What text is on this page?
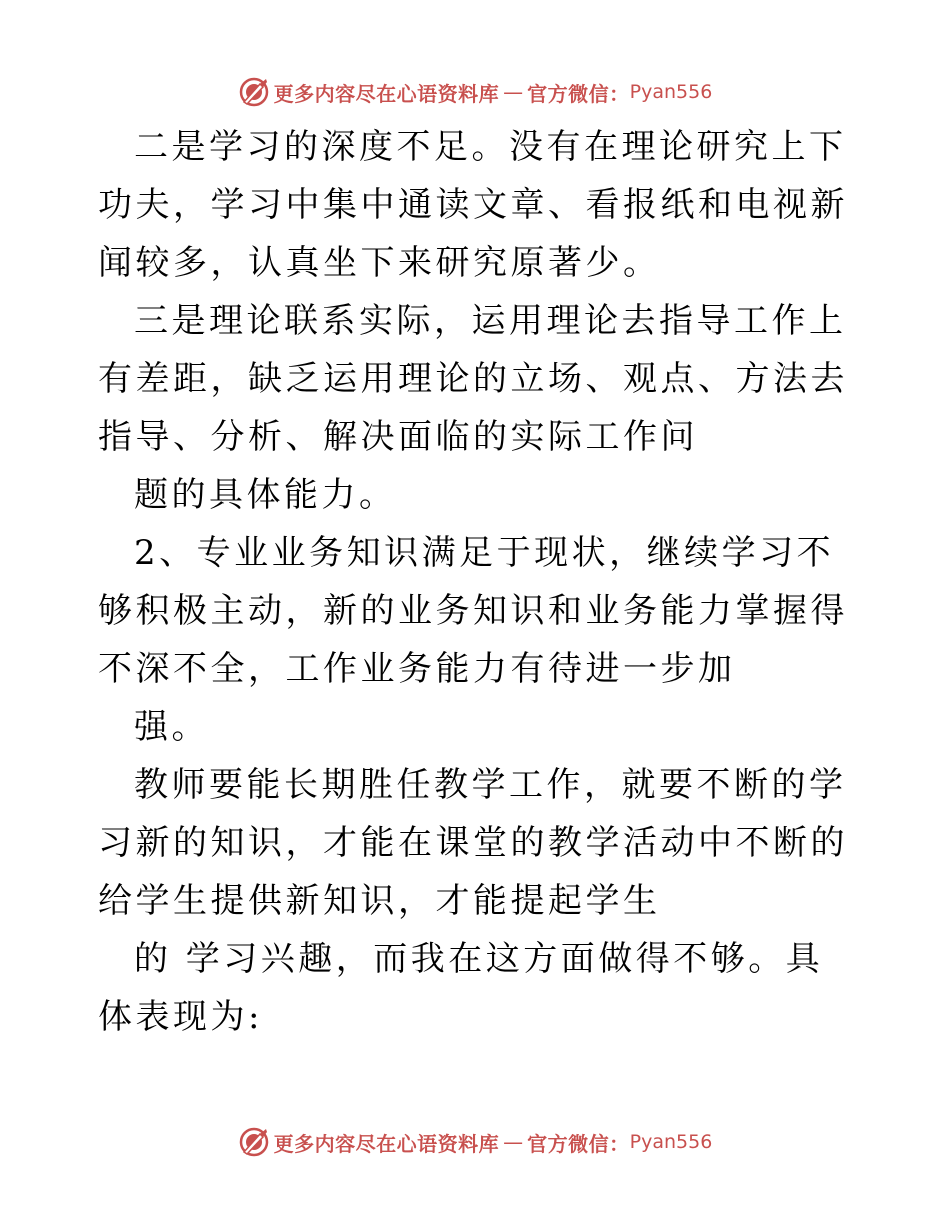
更多内容尽在心语资料库 — 官方微信： Pyan556

二是学习的深度不足。没有在理论研究上下功夫，学习中集中通读文章、看报纸和电视新闻较多，认真坐下来研究原著少。

三是理论联系实际，运用理论去指导工作上有差距，缺乏运用理论的立场、观点、方法去指导、分析、解决面临的实际工作问

题的具体能力。

2、专业业务知识满足于现状，继续学习不够积极主动，新的业务知识和业务能力掌握得不深不全，工作业务能力有待进一步加

强。

教师要能长期胜任教学工作，就要不断的学习新的知识，才能在课堂的教学活动中不断的给学生提供新知识，才能提起学生

的 学习兴趣，而我在这方面做得不够。具体表现为:

更多内容尽在心语资料库 — 官方微信： Pyan556
